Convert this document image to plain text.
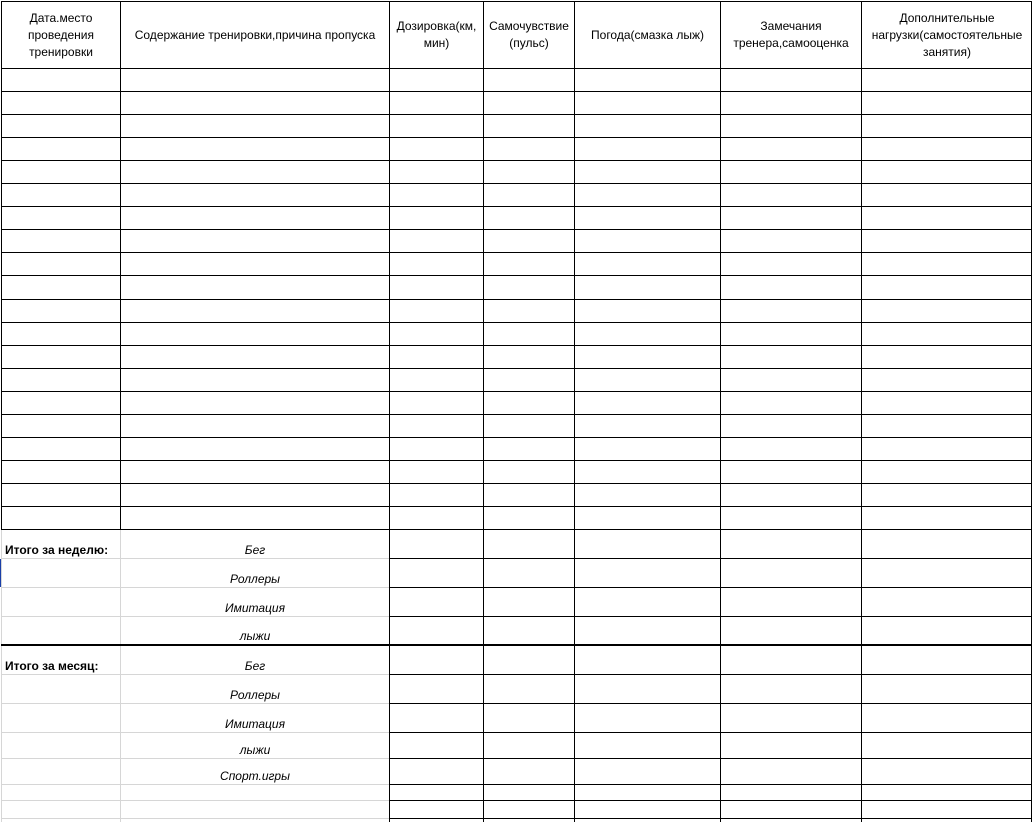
Дата.место
проведения
тренировки
Содержание тренировки,причина пропуска
Дозировка(км,
мин)
Самочувствие
(пульс)
Погода(смазка лыж)
Замечания
тренера,самооценка
Дополнительные
нагрузки(самостоятельные
занятия)
Итого за неделю:	Бег
Роллеры
Имитация
лыжи
Итого за месяц:	Бег
Роллеры
Имитация
лыжи
Спорт.игры
